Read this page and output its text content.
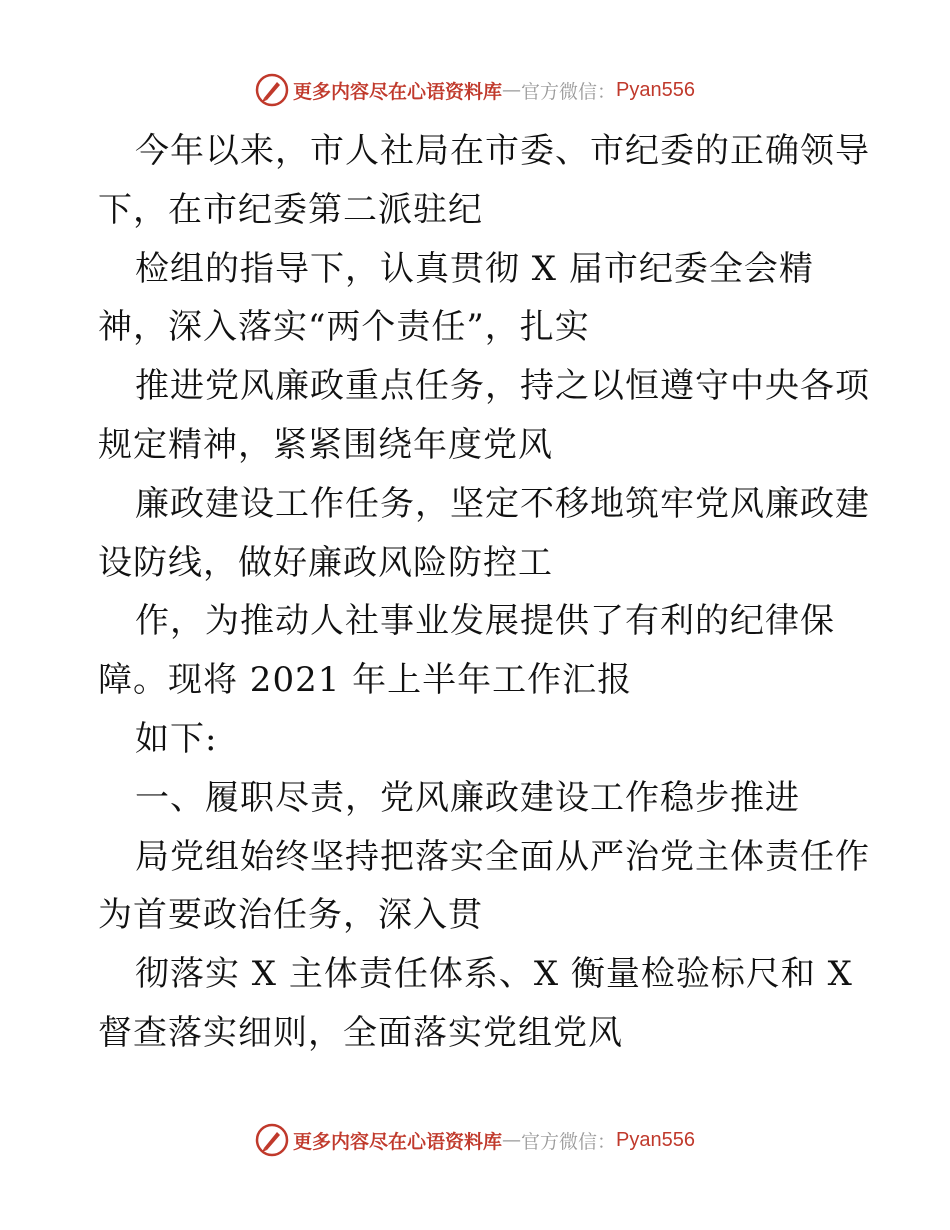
更多内容尽在心语资料库 — 官方微信： Pyan556
今年以来，市人社局在市委、市纪委的正确领导
下，在市纪委第二派驻纪
检组的指导下，认真贯彻 X 届市纪委全会精
神，深入落实“两个责任”，扎实
推进党风廉政重点任务，持之以恒遵守中央各项
规定精神，紧紧围绕年度党风
廉政建设工作任务，坚定不移地筑牢党风廉政建
设防线，做好廉政风险防控工
作，为推动人社事业发展提供了有利的纪律保
障。现将 2021 年上半年工作汇报
如下:
一、履职尽责，党风廉政建设工作稳步推进
局党组始终坚持把落实全面从严治党主体责任作
为首要政治任务，深入贯
彻落实 X 主体责任体系、X 衡量检验标尺和 X
督查落实细则，全面落实党组党风
更多内容尽在心语资料库 — 官方微信： Pyan556
